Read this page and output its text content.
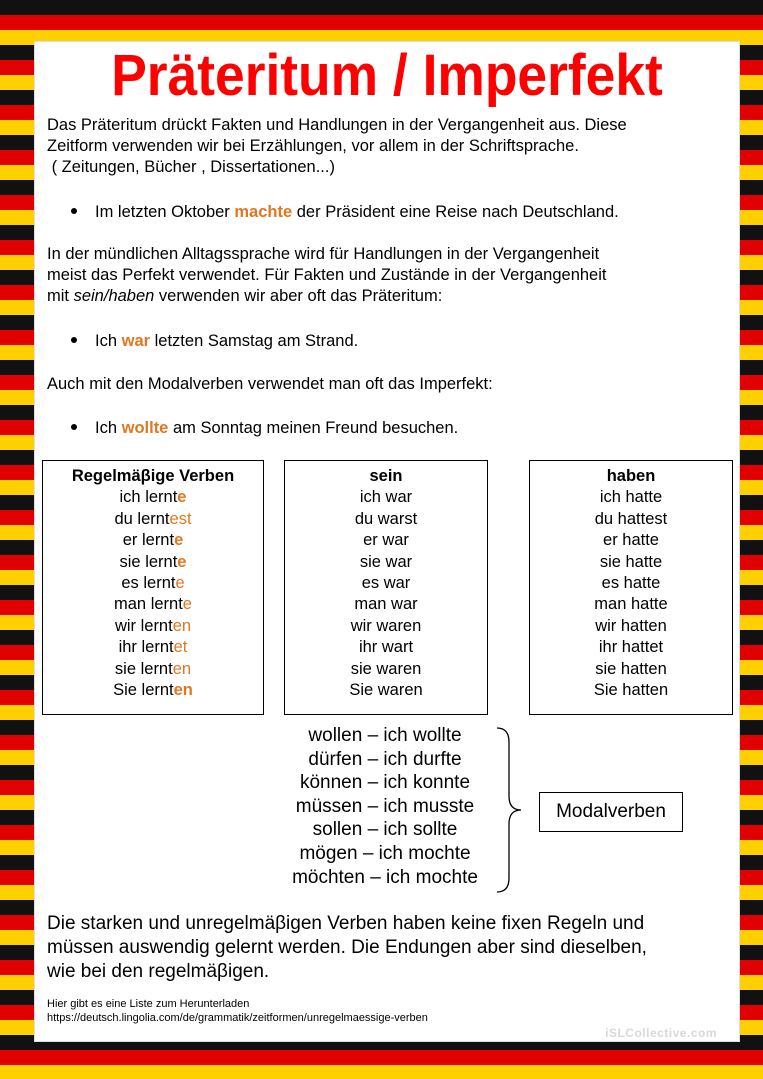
Präteritum / Imperfekt
Das Präteritum drückt Fakten und Handlungen in der Vergangenheit aus. Diese
Zeitform verwenden wir bei Erzählungen, vor allem in der Schriftsprache.
( Zeitungen, Bücher , Dissertationen...)
Im letzten Oktober machte der Präsident eine Reise nach Deutschland.
In der mündlichen Alltagssprache wird für Handlungen in der Vergangenheit
meist das Perfekt verwendet. Für Fakten und Zustände in der Vergangenheit
mit sein/haben verwenden wir aber oft das Präteritum:
Ich war letzten Samstag am Strand.
Auch mit den Modalverben verwendet man oft das Imperfekt:
Ich wollte am Sonntag meinen Freund besuchen.
Regelmäβige Verben
ich lernte
du lerntest
er lernte
sie lernte
es lernte
man lernte
wir lernten
ihr lerntet
sie lernten
Sie lernten
sein
ich war
du warst
er war
sie war
es war
man war
wir waren
ihr wart
sie waren
Sie waren
haben
ich hatte
du hattest
er hatte
sie hatte
es hatte
man hatte
wir hatten
ihr hattet
sie hatten
Sie hatten
wollen – ich wollte
dürfen – ich durfte
können – ich konnte
müssen – ich musste
sollen – ich sollte
mögen – ich mochte
möchten – ich mochte
Modalverben
Die starken und unregelmäβigen Verben haben keine fixen Regeln und
müssen auswendig gelernt werden. Die Endungen aber sind dieselben,
wie bei den regelmäβigen.
Hier gibt es eine Liste zum Herunterladen
https://deutsch.lingolia.com/de/grammatik/zeitformen/unregelmaessige-verben
iSLCollective.com
